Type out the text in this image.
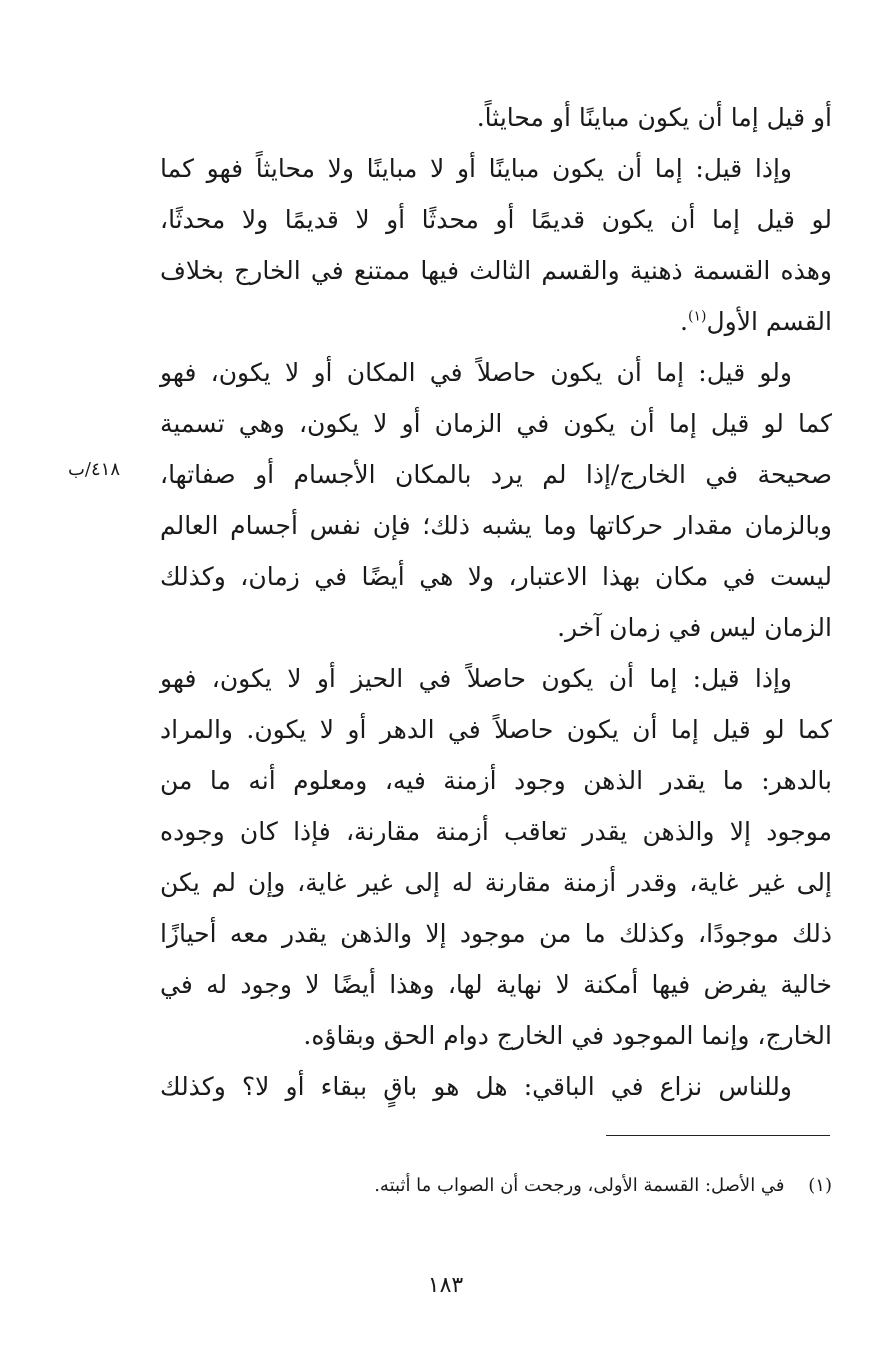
أو قيل إما أن يكون مباينًا أو محايثاً.
وإذا قيل: إما أن يكون مباينًا أو لا مباينًا ولا محايثاً فهو كما
لو قيل إما أن يكون قديمًا أو محدثًا أو لا قديمًا ولا محدثًا،
وهذه القسمة ذهنية والقسم الثالث فيها ممتنع في الخارج بخلاف
القسم الأول$^{(١)}$.
ولو قيل: إما أن يكون حاصلاً في المكان أو لا يكون، فهو
كما لو قيل إما أن يكون في الزمان أو لا يكون، وهي تسمية
صحيحة في الخارج/إذا لم يرد بالمكان الأجسام أو صفاتها،
وبالزمان مقدار حركاتها وما يشبه ذلك؛ فإن نفس أجسام العالم
ليست في مكان بهذا الاعتبار، ولا هي أيضًا في زمان، وكذلك
الزمان ليس في زمان آخر.
وإذا قيل: إما أن يكون حاصلاً في الحيز أو لا يكون، فهو
كما لو قيل إما أن يكون حاصلاً في الدهر أو لا يكون. والمراد
بالدهر: ما يقدر الذهن وجود أزمنة فيه، ومعلوم أنه ما من
موجود إلا والذهن يقدر تعاقب أزمنة مقارنة، فإذا كان وجوده
إلى غير غاية، وقدر أزمنة مقارنة له إلى غير غاية، وإن لم يكن
ذلك موجودًا، وكذلك ما من موجود إلا والذهن يقدر معه أحيازًا
خالية يفرض فيها أمكنة لا نهاية لها، وهذا أيضًا لا وجود له في
الخارج، وإنما الموجود في الخارج دوام الحق وبقاؤه.
وللناس نزاع في الباقي: هل هو باقٍ ببقاء أو لا؟ وكذلك
٤١٨/ب
(١) في الأصل: القسمة الأولى، ورجحت أن الصواب ما أثبته.
١٨٣
